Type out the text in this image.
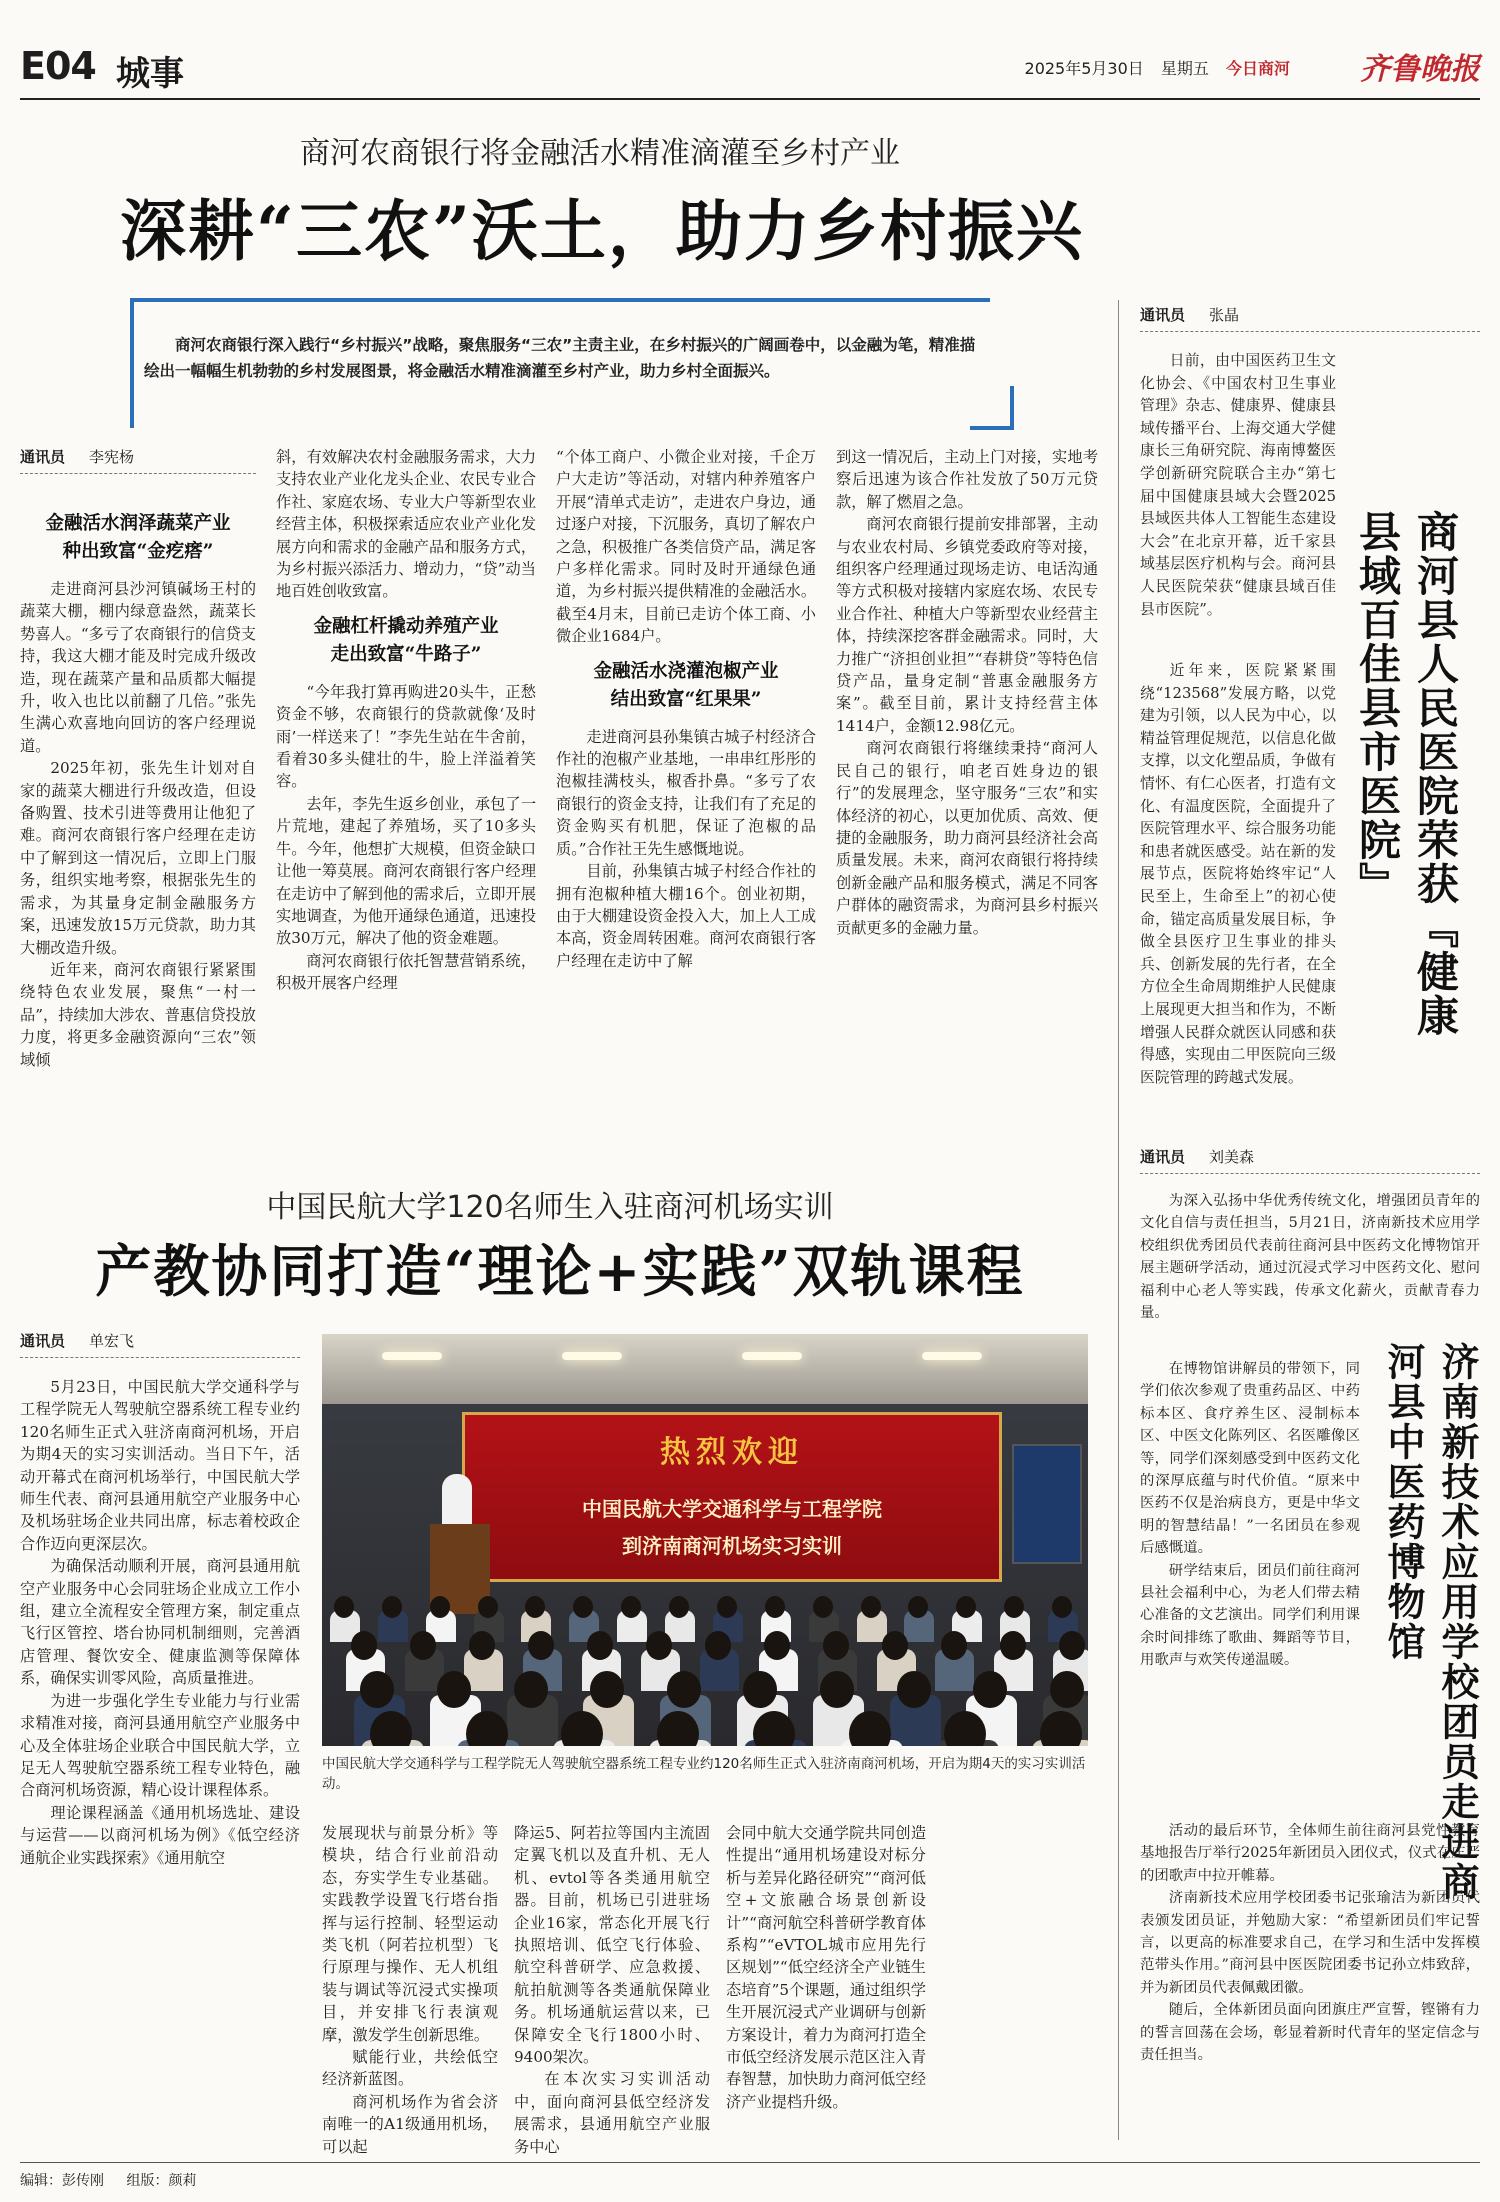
E04 城事	2025年5月30日 星期五 今日商河 齐鲁晚报
商河农商银行将金融活水精准滴灌至乡村产业
深耕“三农”沃土，助力乡村振兴

商河农商银行深入践行“乡村振兴”战略，聚焦服务“三农”主责主业，在乡村振兴的广阔画卷中，以金融为笔，精准描绘出一幅幅生机勃勃的乡村发展图景，将金融活水精准滴灌至乡村产业，助力乡村全面振兴。

通讯员 李宪杨
金融活水润泽蔬菜产业
种出致富“金疙瘩”

走进商河县沙河镇碱场王村的蔬菜大棚，棚内绿意盎然，蔬菜长势喜人。“多亏了农商银行的信贷支持，我这大棚才能及时完成升级改造，现在蔬菜产量和品质都大幅提升，收入也比以前翻了几倍。”张先生满心欢喜地向回访的客户经理说道。

2025年初，张先生计划对自家的蔬菜大棚进行升级改造，但设备购置、技术引进等费用让他犯了难。商河农商银行客户经理在走访中了解到这一情况后，立即上门服务，组织实地考察，根据张先生的需求，为其量身定制金融服务方案，迅速发放15万元贷款，助力其大棚改造升级。

近年来，商河农商银行紧紧围绕特色农业发展，聚焦“一村一品”，持续加大涉农、普惠信贷投放力度，将更多金融资源向“三农”领域倾

斜，有效解决农村金融服务需求，大力支持农业产业化龙头企业、农民专业合作社、家庭农场、专业大户等新型农业经营主体，积极探索适应农业产业化发展方向和需求的金融产品和服务方式，为乡村振兴添活力、增动力，“贷”动当地百姓创收致富。

金融杠杆撬动养殖产业
走出致富“牛路子”

“今年我打算再购进20头牛，正愁资金不够，农商银行的贷款就像‘及时雨’一样送来了！”李先生站在牛舍前，看着30多头健壮的牛，脸上洋溢着笑容。

去年，李先生返乡创业，承包了一片荒地，建起了养殖场，买了10多头牛。今年，他想扩大规模，但资金缺口让他一筹莫展。商河农商银行客户经理在走访中了解到他的需求后，立即开展实地调查，为他开通绿色通道，迅速投放30万元，解决了他的资金难题。

商河农商银行依托智慧营销系统，积极开展客户经理

“个体工商户、小微企业对接，千企万户大走访”等活动，对辖内种养殖客户开展“清单式走访”，走进农户身边，通过逐户对接，下沉服务，真切了解农户之急，积极推广各类信贷产品，满足客户多样化需求。同时及时开通绿色通道，为乡村振兴提供精准的金融活水。截至4月末，目前已走访个体工商、小微企业1684户。

金融活水浇灌泡椒产业
结出致富“红果果”

走进商河县孙集镇古城子村经济合作社的泡椒产业基地，一串串红彤彤的泡椒挂满枝头，椒香扑鼻。“多亏了农商银行的资金支持，让我们有了充足的资金购买有机肥，保证了泡椒的品质。”合作社王先生感慨地说。

目前，孙集镇古城子村经合作社的拥有泡椒种植大棚16个。创业初期，由于大棚建设资金投入大，加上人工成本高，资金周转困难。商河农商银行客户经理在走访中了解

到这一情况后，主动上门对接，实地考察后迅速为该合作社发放了50万元贷款，解了燃眉之急。

商河农商银行提前安排部署，主动与农业农村局、乡镇党委政府等对接，组织客户经理通过现场走访、电话沟通等方式积极对接辖内家庭农场、农民专业合作社、种植大户等新型农业经营主体，持续深挖客群金融需求。同时，大力推广“济担创业担”“春耕贷”等特色信贷产品，量身定制“普惠金融服务方案”。截至目前，累计支持经营主体1414户，金额12.98亿元。

商河农商银行将继续秉持“商河人民自己的银行，咱老百姓身边的银行”的发展理念，坚守服务“三农”和实体经济的初心，以更加优质、高效、便捷的金融服务，助力商河县经济社会高质量发展。未来，商河农商银行将持续创新金融产品和服务模式，满足不同客户群体的融资需求，为商河县乡村振兴贡献更多的金融力量。

通讯员 张晶

日前，由中国医药卫生文化协会、《中国农村卫生事业管理》杂志、健康界、健康县域传播平台、上海交通大学健康长三角研究院、海南博鳌医学创新研究院联合主办“第七届中国健康县域大会暨2025县域医共体人工智能生态建设大会”在北京开幕，近千家县域基层医疗机构与会。商河县人民医院荣获“健康县域百佳县市医院”。	商河县人民医院荣获『健康县域百佳县市医院』

近年来，医院紧紧围绕“123568”发展方略，以党建为引领，以人民为中心，以精益管理促规范，以信息化做支撑，以文化塑品质，争做有情怀、有仁心医者，打造有文化、有温度医院，全面提升了医院管理水平、综合服务功能和患者就医感受。站在新的发展节点，医院将始终牢记“人民至上，生命至上”的初心使命，锚定高质量发展目标，争做全县医疗卫生事业的排头兵、创新发展的先行者，在全方位全生命周期维护人民健康上展现更大担当和作为，不断增强人民群众就医认同感和获得感，实现由二甲医院向三级医院管理的跨越式发展。

中国民航大学120名师生入驻商河机场实训
产教协同打造“理论+实践”双轨课程
通讯员 单宏飞

5月23日，中国民航大学交通科学与工程学院无人驾驶航空器系统工程专业约120名师生正式入驻济南商河机场，开启为期4天的实习实训活动。当日下午，活动开幕式在商河机场举行，中国民航大学师生代表、商河县通用航空产业服务中心及机场驻场企业共同出席，标志着校政企合作迈向更深层次。

为确保活动顺利开展，商河县通用航空产业服务中心会同驻场企业成立工作小组，建立全流程安全管理方案，制定重点飞行区管控、塔台协同机制细则，完善酒店管理、餐饮安全、健康监测等保障体系，确保实训零风险，高质量推进。

为进一步强化学生专业能力与行业需求精准对接，商河县通用航空产业服务中心及全体驻场企业联合中国民航大学，立足无人驾驶航空器系统工程专业特色，融合商河机场资源，精心设计课程体系。

理论课程涵盖《通用机场选址、建设与运营——以商河机场为例》《低空经济通航企业实践探索》《通用航空

热烈欢迎
中国民航大学交通科学与工程学院
到济南商河机场实习实训
中国民航大学交通科学与工程学院无人驾驶航空器系统工程专业约120名师生正式入驻济南商河机场，开启为期4天的实习实训活动。

发展现状与前景分析》等模块，结合行业前沿动态，夯实学生专业基础。实践教学设置飞行塔台指挥与运行控制、轻型运动类飞机（阿若拉机型）飞行原理与操作、无人机组装与调试等沉浸式实操项目，并安排飞行表演观摩，激发学生创新思维。

赋能行业，共绘低空经济新蓝图。

商河机场作为省会济南唯一的A1级通用机场，可以起

降运5、阿若拉等国内主流固定翼飞机以及直升机、无人机、evtol等各类通用航空器。目前，机场已引进驻场企业16家，常态化开展飞行执照培训、低空飞行体验、航空科普研学、应急救援、航拍航测等各类通航保障业务。机场通航运营以来，已保障安全飞行1800小时、9400架次。

在本次实习实训活动中，面向商河县低空经济发展需求，县通用航空产业服务中心

会同中航大交通学院共同创造性提出“通用机场建设对标分析与差异化路径研究”“商河低空+文旅融合场景创新设计”“商河航空科普研学教育体系构”“eVTOL城市应用先行区规划”“低空经济全产业链生态培育”5个课题，通过组织学生开展沉浸式产业调研与创新方案设计，着力为商河打造全市低空经济发展示范区注入青春智慧，加快助力商河低空经济产业提档升级。

通讯员 刘美森

为深入弘扬中华优秀传统文化，增强团员青年的文化自信与责任担当，5月21日，济南新技术应用学校组织优秀团员代表前往商河县中医药文化博物馆开展主题研学活动，通过沉浸式学习中医药文化、慰问福利中心老人等实践，传承文化薪火，贡献青春力量。

在博物馆讲解员的带领下，同学们依次参观了贵重药品区、中药标本区、食疗养生区、浸制标本区、中医文化陈列区、名医雕像区等，同学们深刻感受到中医药文化的深厚底蕴与时代价值。“原来中医药不仅是治病良方，更是中华文明的智慧结晶！”一名团员在参观后感慨道。

研学结束后，团员们前往商河县社会福利中心，为老人们带去精心准备的文艺演出。同学们利用课余时间排练了歌曲、舞蹈等节目，用歌声与欢笑传递温暖。	济南新技术应用学校团员走进商河县中医药博物馆

活动的最后环节，全体师生前往商河县党性教育基地报告厅举行2025年新团员入团仪式，仪式在庄严的团歌声中拉开帷幕。

济南新技术应用学校团委书记张瑜洁为新团员代表颁发团员证，并勉励大家：“希望新团员们牢记誓言，以更高的标准要求自己，在学习和生活中发挥模范带头作用。”商河县中医医院团委书记孙立炜致辞，并为新团员代表佩戴团徽。

随后，全体新团员面向团旗庄严宣誓，铿锵有力的誓言回荡在会场，彰显着新时代青年的坚定信念与责任担当。

编辑：彭传刚 组版：颜莉
